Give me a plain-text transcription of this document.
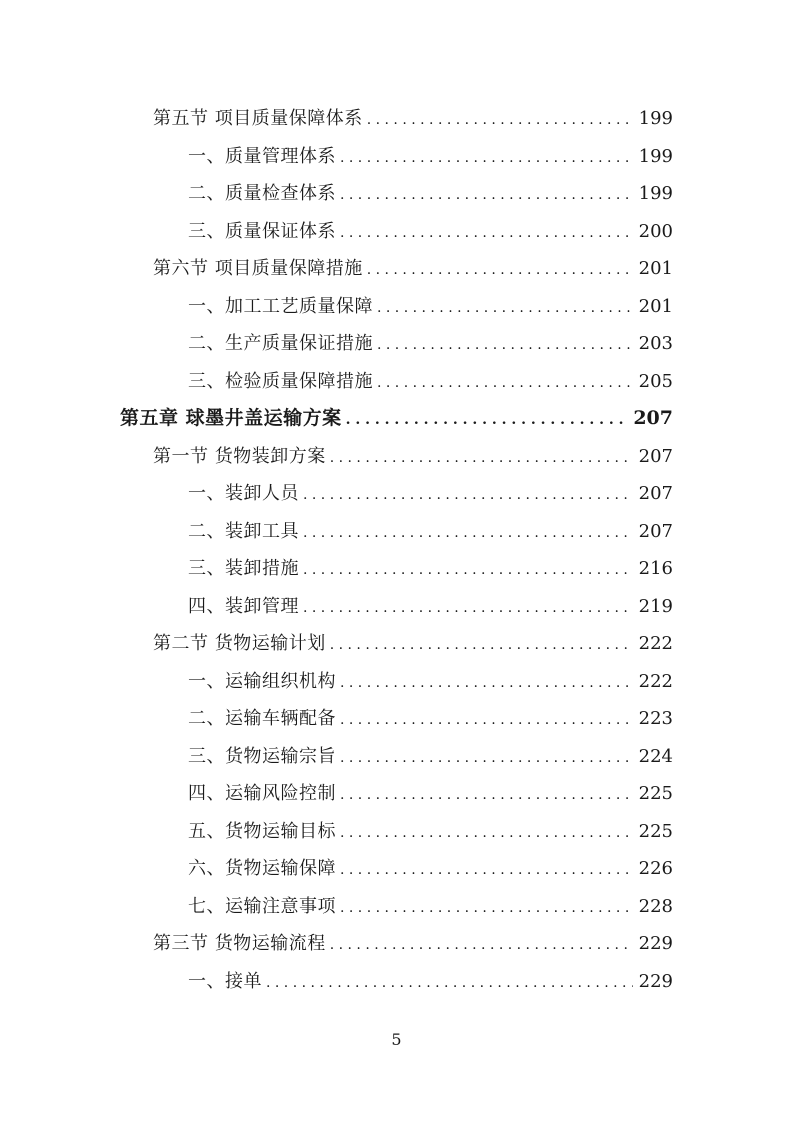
第五节 项目质量保障体系 . . .	199
一、质量管理体系 . . .	199
二、质量检查体系 . . .	199
三、质量保证体系 . . .	200
第六节 项目质量保障措施 . . .	201
一、加工工艺质量保障 . . .	201
二、生产质量保证措施 . . .	203
三、检验质量保障措施 . . .	205
第五章 球墨井盖运输方案 . . .	207
第一节 货物装卸方案 . . .	207
一、装卸人员 . . .	207
二、装卸工具 . . .	207
三、装卸措施 . . .	216
四、装卸管理 . . .	219
第二节 货物运输计划 . . .	222
一、运输组织机构 . . .	222
二、运输车辆配备 . . .	223
三、货物运输宗旨 . . .	224
四、运输风险控制 . . .	225
五、货物运输目标 . . .	225
六、货物运输保障 . . .	226
七、运输注意事项 . . .	228
第三节 货物运输流程 . . .	229
一、接单 . . .	229
5
